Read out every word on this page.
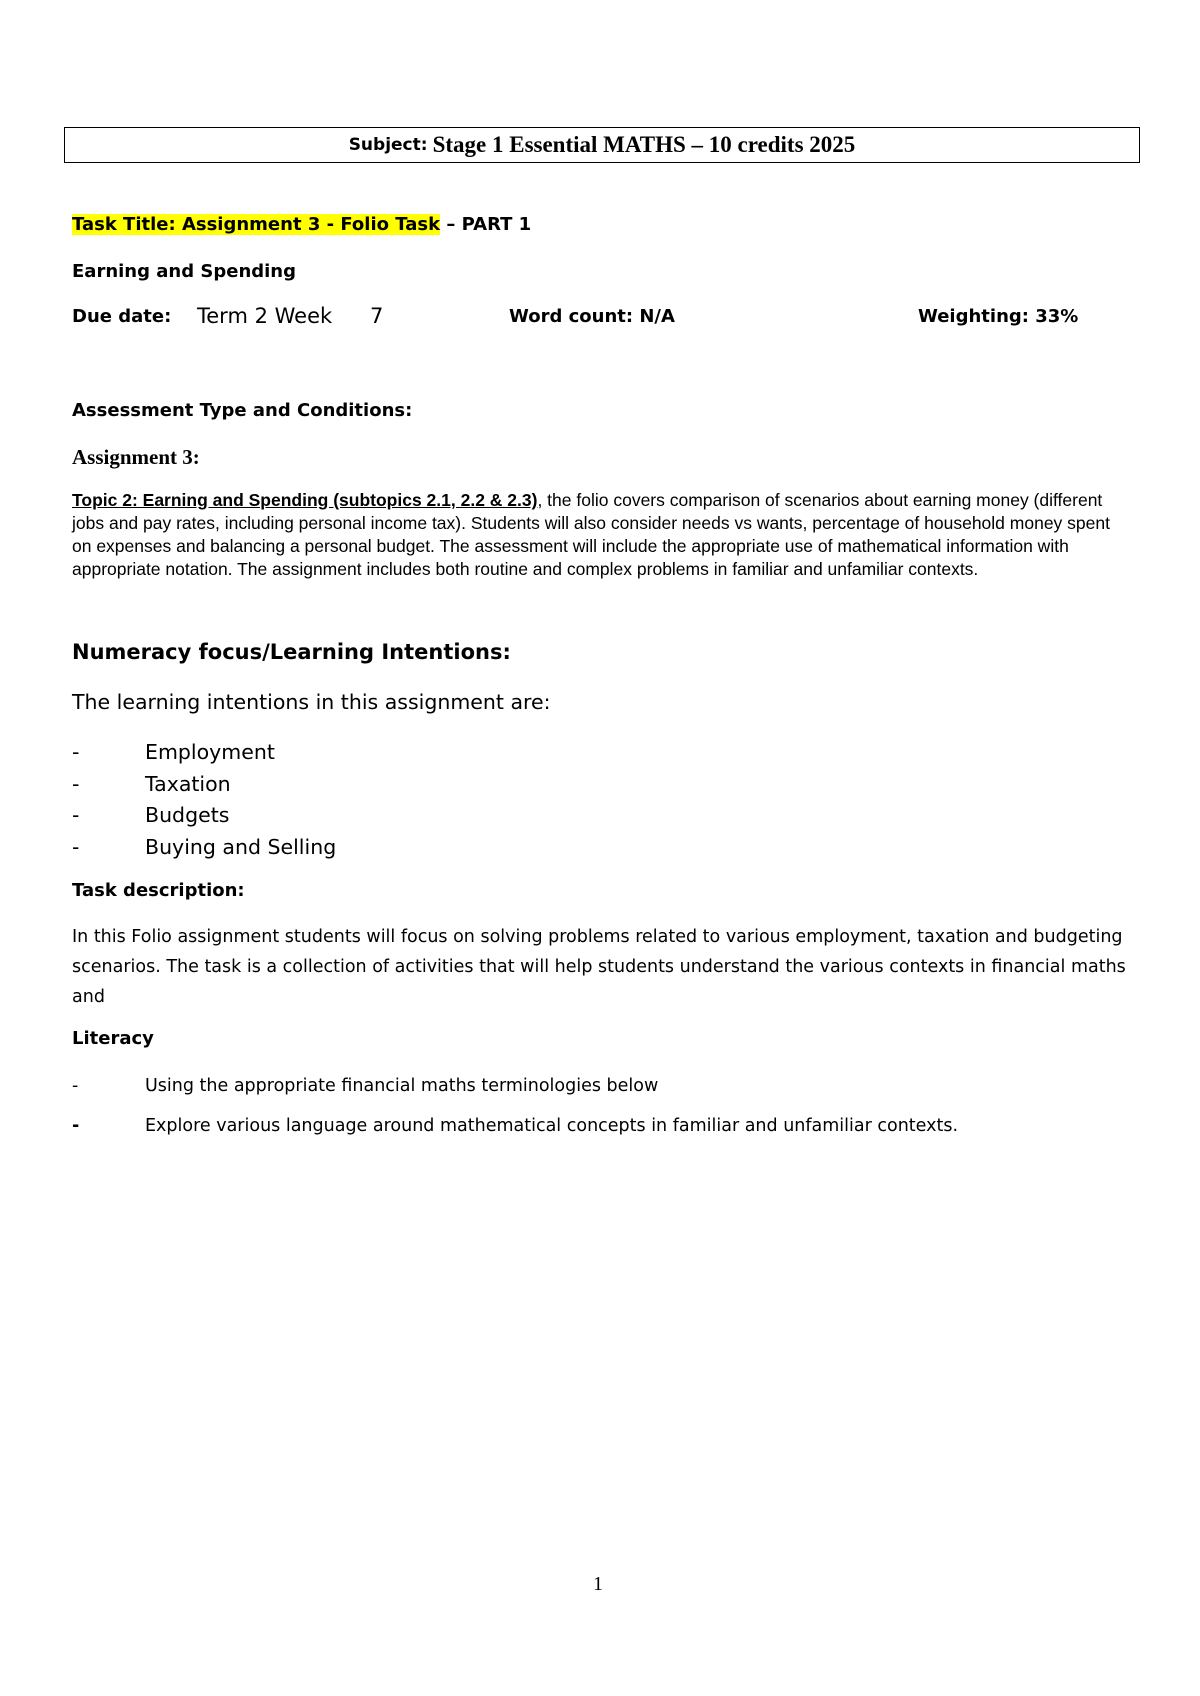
Subject: Stage 1 Essential MATHS – 10 credits 2025
Task Title: Assignment 3 - Folio Task – PART 1
Earning and Spending
Due date: Term 2 Week 7	Word count: N/A	Weighting: 33%
Assessment Type and Conditions:
Assignment 3:
Topic 2: Earning and Spending (subtopics 2.1, 2.2 & 2.3), the folio covers comparison of scenarios about earning money (different jobs and pay rates, including personal income tax). Students will also consider needs vs wants, percentage of household money spent on expenses and balancing a personal budget. The assessment will include the appropriate use of mathematical information with appropriate notation. The assignment includes both routine and complex problems in familiar and unfamiliar contexts.
Numeracy focus/Learning Intentions:
The learning intentions in this assignment are:
-	Employment
-	Taxation
-	Budgets
-	Buying and Selling
Task description:
In this Folio assignment students will focus on solving problems related to various employment, taxation and budgeting scenarios. The task is a collection of activities that will help students understand the various contexts in financial maths and
Literacy
-	Using the appropriate financial maths terminologies below
-	Explore various language around mathematical concepts in familiar and unfamiliar contexts.
1
